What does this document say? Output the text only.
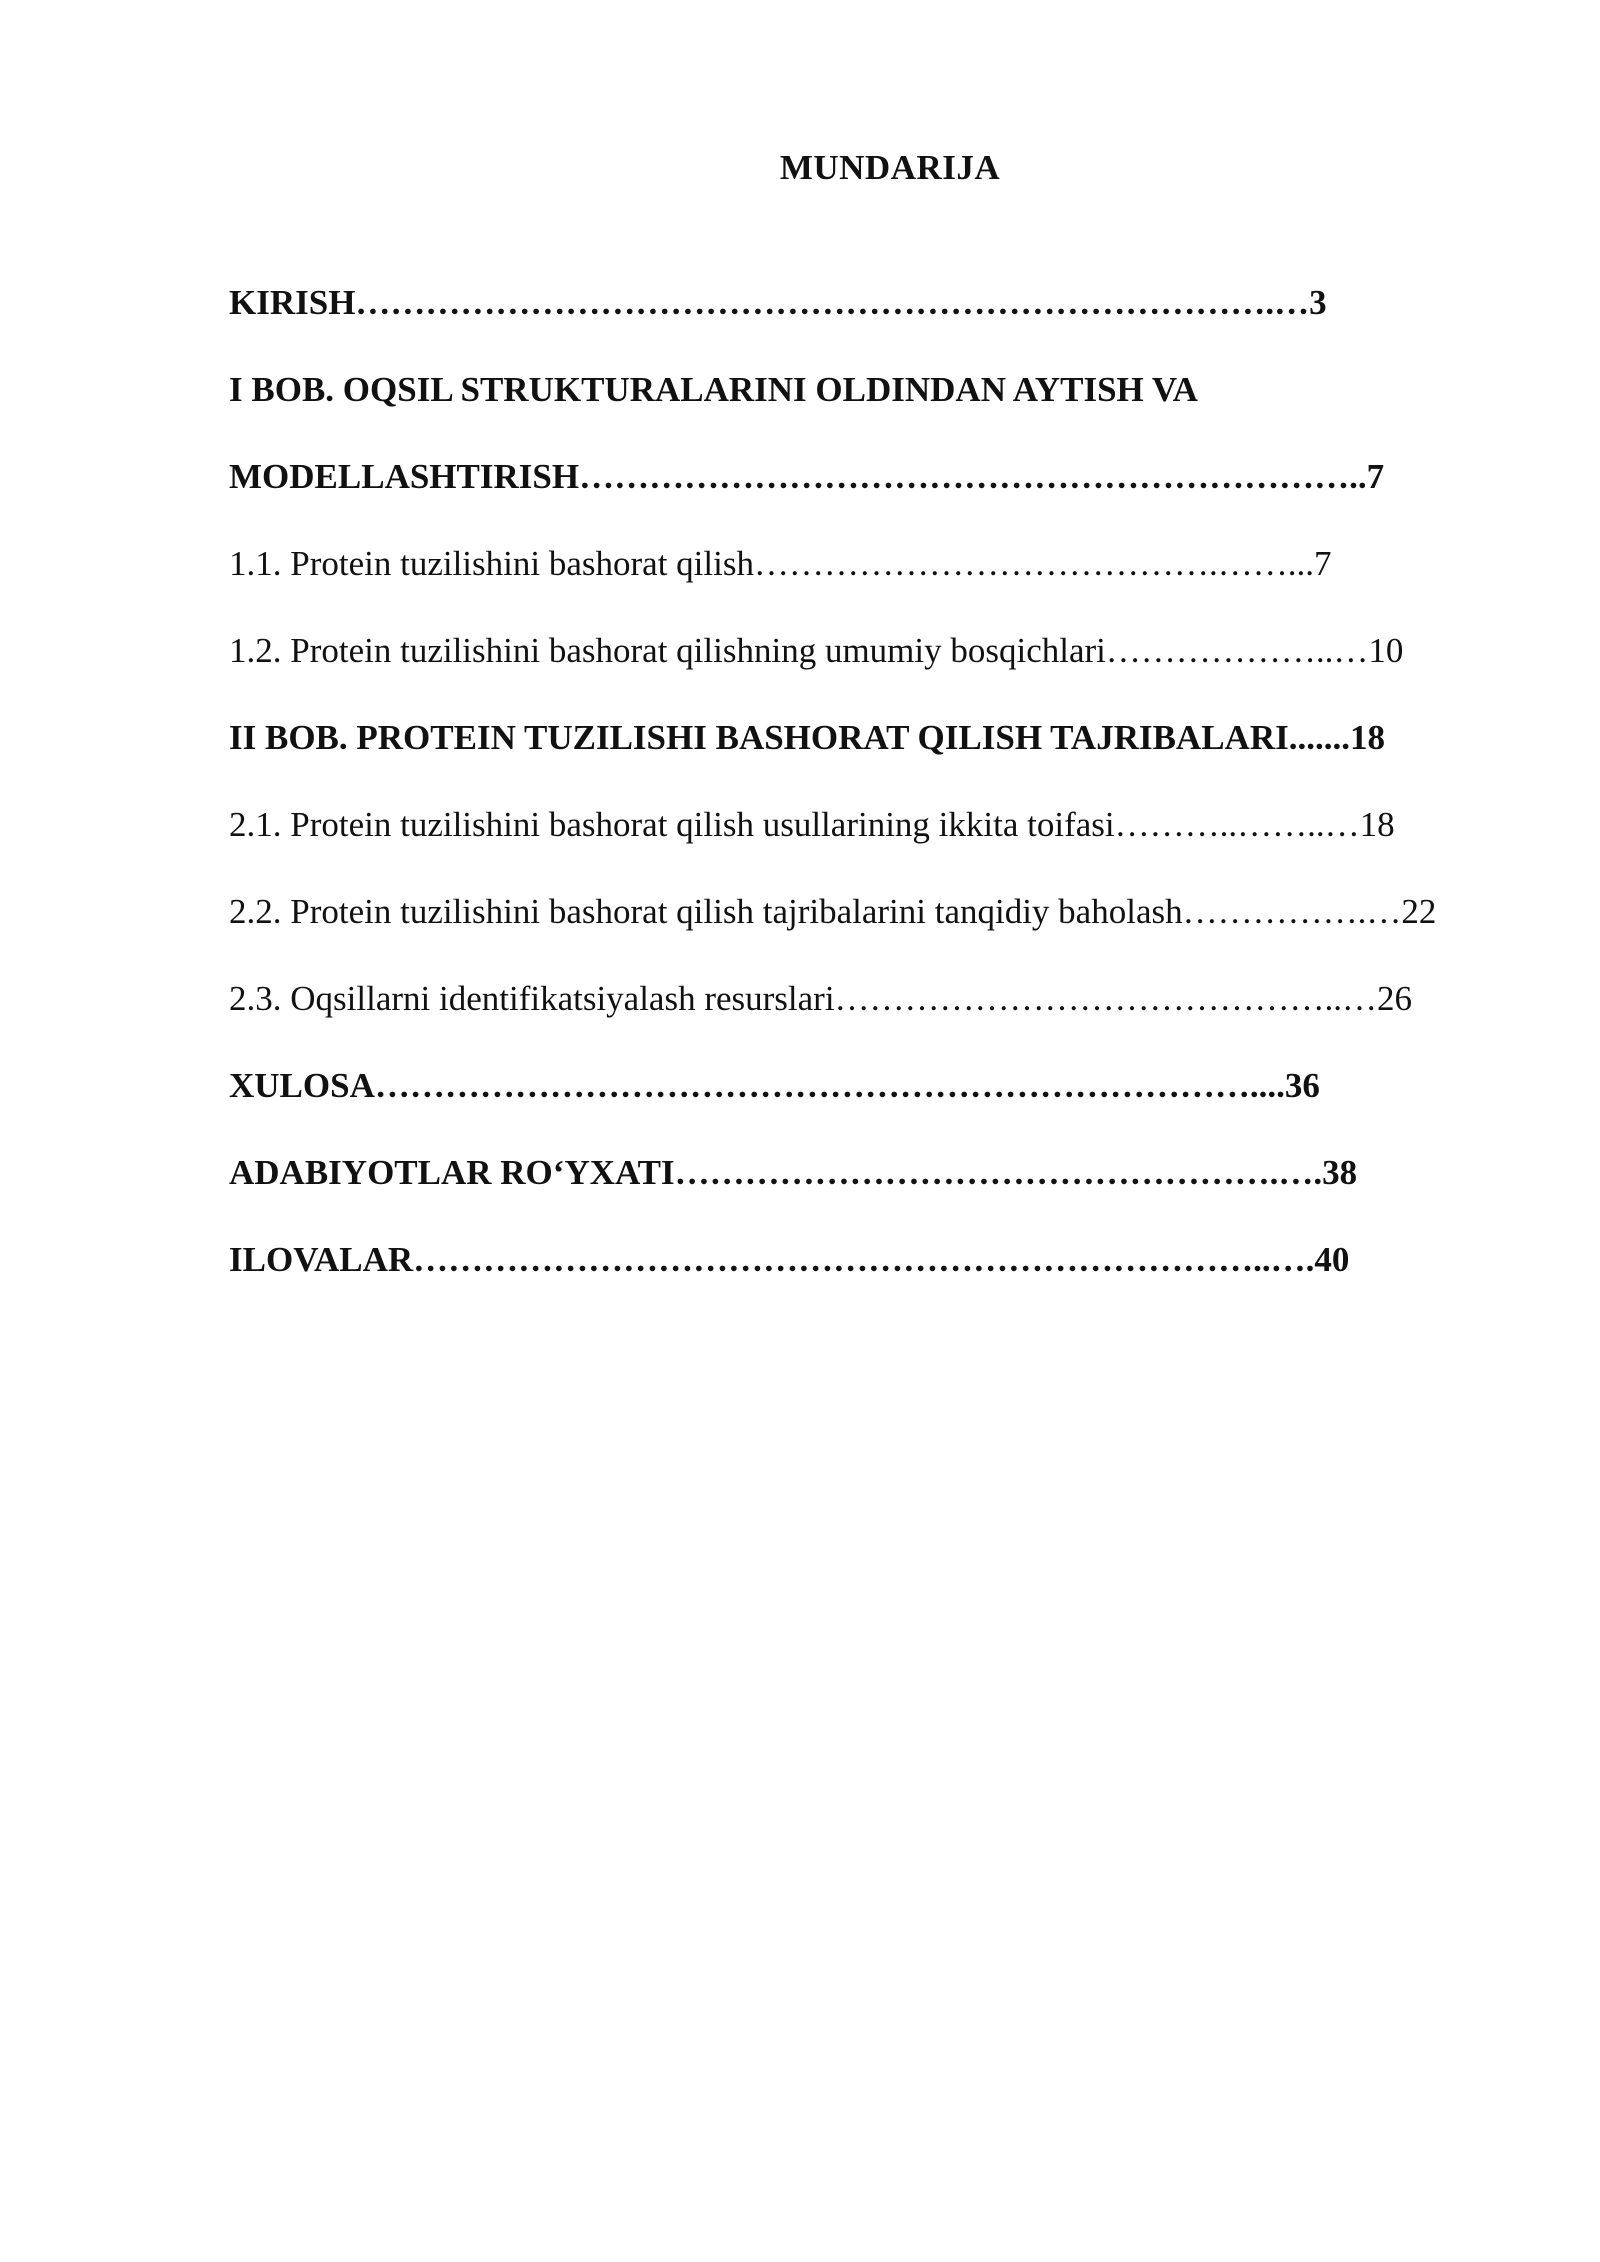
MUNDARIJA
KIRISH…………………………………………………………………….…3
I BOB. OQSIL STRUKTURALARINI OLDINDAN AYTISH VA
MODELLASHTIRISH…………………………………………………………..7
1.1. Protein tuzilishini bashorat qilish………………………………….……...7
1.2. Protein tuzilishini bashorat qilishning umumiy bosqichlari………………..…10
II BOB. PROTEIN TUZILISHI BASHORAT QILISH TAJRIBALARI.......18
2.1. Protein tuzilishini bashorat qilish usullarining ikkita toifasi………..……..…18
2.2. Protein tuzilishini bashorat qilish tajribalarini tanqidiy baholash…………….…22
2.3. Oqsillarni identifikatsiyalash resurslari……………………………………..…26
XULOSA…………………………………………………………………....36
ADABIYOTLAR RO‘YXATI…………………………………………….….38
ILOVALAR………………………………………………………………..….40
